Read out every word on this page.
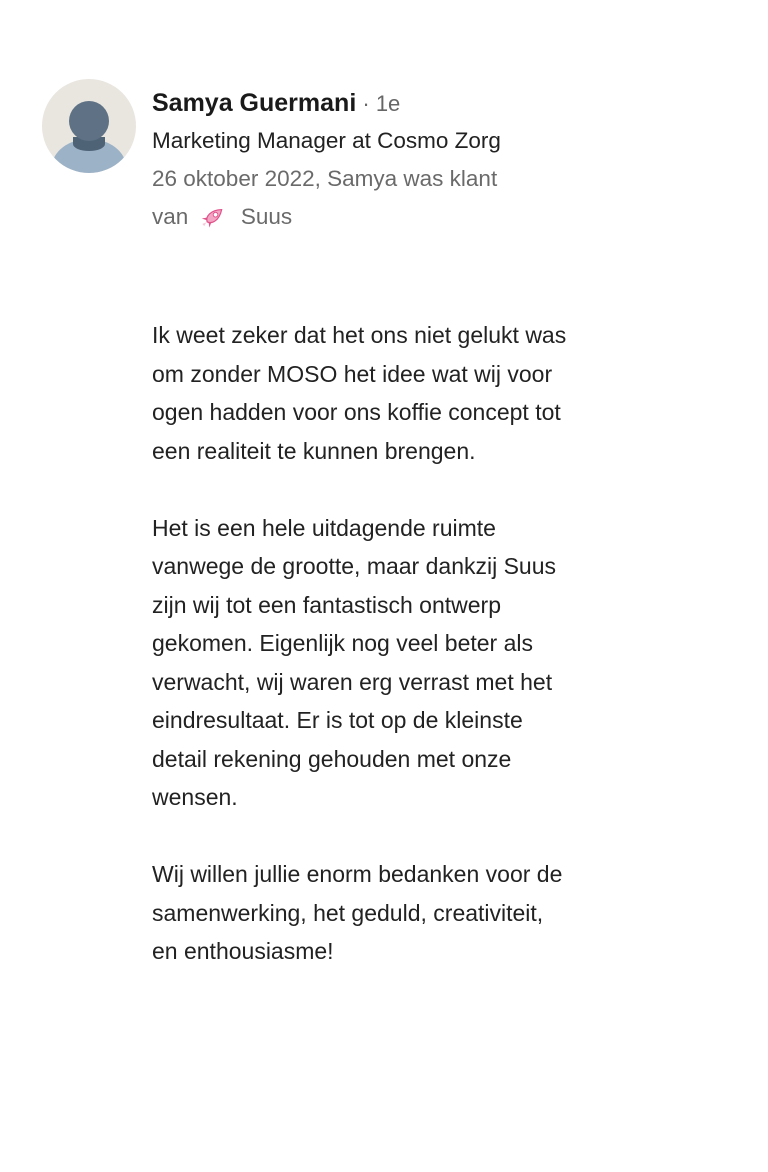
Samya Guermani · 1e
Marketing Manager at Cosmo Zorg
26 oktober 2022, Samya was klant
van Suus

Ik weet zeker dat het ons niet gelukt was
om zonder MOSO het idee wat wij voor
ogen hadden voor ons koffie concept tot
een realiteit te kunnen brengen.

Het is een hele uitdagende ruimte
vanwege de grootte, maar dankzij Suus
zijn wij tot een fantastisch ontwerp
gekomen. Eigenlijk nog veel beter als
verwacht, wij waren erg verrast met het
eindresultaat. Er is tot op de kleinste
detail rekening gehouden met onze
wensen.

Wij willen jullie enorm bedanken voor de
samenwerking, het geduld, creativiteit,
en enthousiasme!
